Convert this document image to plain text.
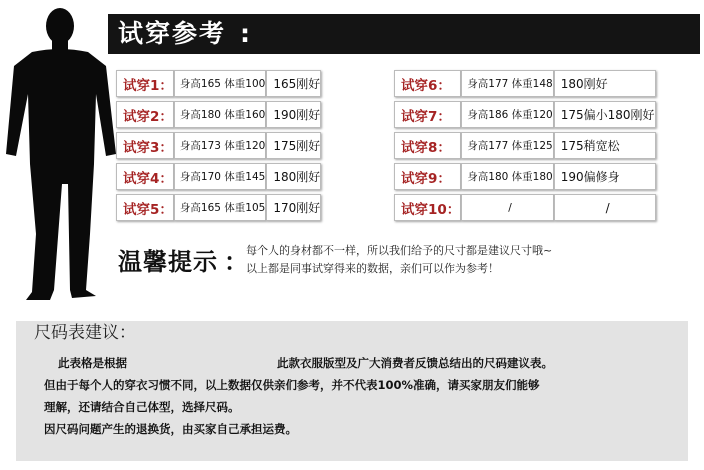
试穿参考 :
试穿1：	身高165 体重100	165刚好
试穿2：	身高180 体重160	190刚好
试穿3：	身高173 体重120	175刚好
试穿4：	身高170 体重145	180刚好
试穿5：	身高165 体重105	170刚好
试穿6：	身高177 体重148	180刚好
试穿7：	身高186 体重120	175偏小180刚好
试穿8：	身高177 体重125	175稍宽松
试穿9：	身高180 体重180	190偏修身
试穿10：	/	/
温馨提示 ：
每个人的身材都不一样，所以我们给予的尺寸都是建议尺寸哦~
以上都是同事试穿得来的数据，亲们可以作为参考！
尺码表建议：
此表格是根据	此款衣服版型及广大消费者反馈总结出的尺码建议表。
但由于每个人的穿衣习惯不同，以上数据仅供亲们参考，并不代表100%准确，请买家朋友们能够
理解，还请结合自己体型，选择尺码。
因尺码问题产生的退换货，由买家自己承担运费。
